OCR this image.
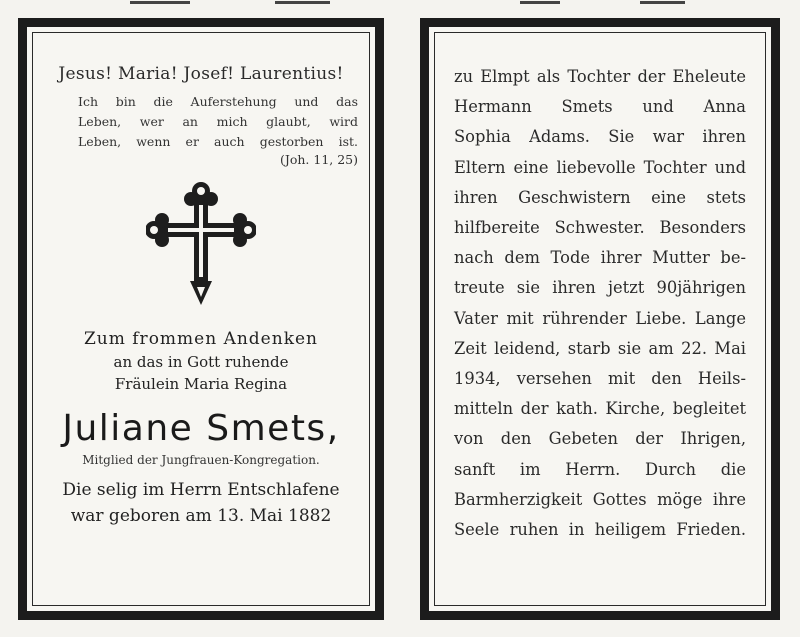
Jesus! Maria! Josef! Laurentius!
Ich bin die Auferstehung und das
Leben, wer an mich glaubt, wird
Leben, wenn er auch gestorben ist.
(Joh. 11, 25)
Zum frommen Andenken
an das in Gott ruhende
Fräulein Maria Regina
Juliane Smets,
Mitglied der Jungfrauen-Kongregation.
Die selig im Herrn Entschlafene
war geboren am 13. Mai 1882
zu Elmpt als Tochter der Eheleute
Hermann Smets und Anna
Sophia Adams. Sie war ihren
Eltern eine liebevolle Tochter und
ihren Geschwistern eine stets
hilfbereite Schwester. Besonders
nach dem Tode ihrer Mutter be-
treute sie ihren jetzt 90jährigen
Vater mit rührender Liebe. Lange
Zeit leidend, starb sie am 22. Mai
1934, versehen mit den Heils-
mitteln der kath. Kirche, begleitet
von den Gebeten der Ihrigen,
sanft im Herrn. Durch die
Barmherzigkeit Gottes möge ihre
Seele ruhen in heiligem Frieden.
